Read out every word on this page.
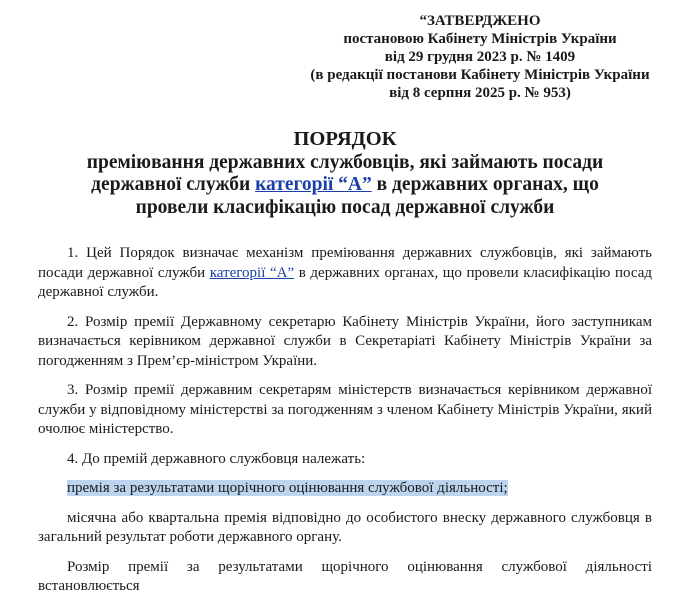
“ЗАТВЕРДЖЕНО
постановою Кабінету Міністрів України
від 29 грудня 2023 р. № 1409
(в редакції постанови Кабінету Міністрів України
від 8 серпня 2025 р. № 953)
ПОРЯДОК
преміювання державних службовців, які займають посади
державної служби категорії “А” в державних органах, що
провели класифікацію посад державної служби

1. Цей Порядок визначає механізм преміювання державних службовців, які займають посади державної служби категорії “А” в державних органах, що провели класифікацію посад державної служби.

2. Розмір премії Державному секретарю Кабінету Міністрів України, його заступникам визначається керівником державної служби в Секретаріаті Кабінету Міністрів України за погодженням з Прем’єр-міністром України.

3. Розмір премії державним секретарям міністерств визначається керівником державної служби у відповідному міністерстві за погодженням з членом Кабінету Міністрів України, який очолює міністерство.

4. До премій державного службовця належать:

премія за результатами щорічного оцінювання службової діяльності;

місячна або квартальна премія відповідно до особистого внеску державного службовця в загальний результат роботи державного органу.

Розмір премії за результатами щорічного оцінювання службової діяльності встановлюється
